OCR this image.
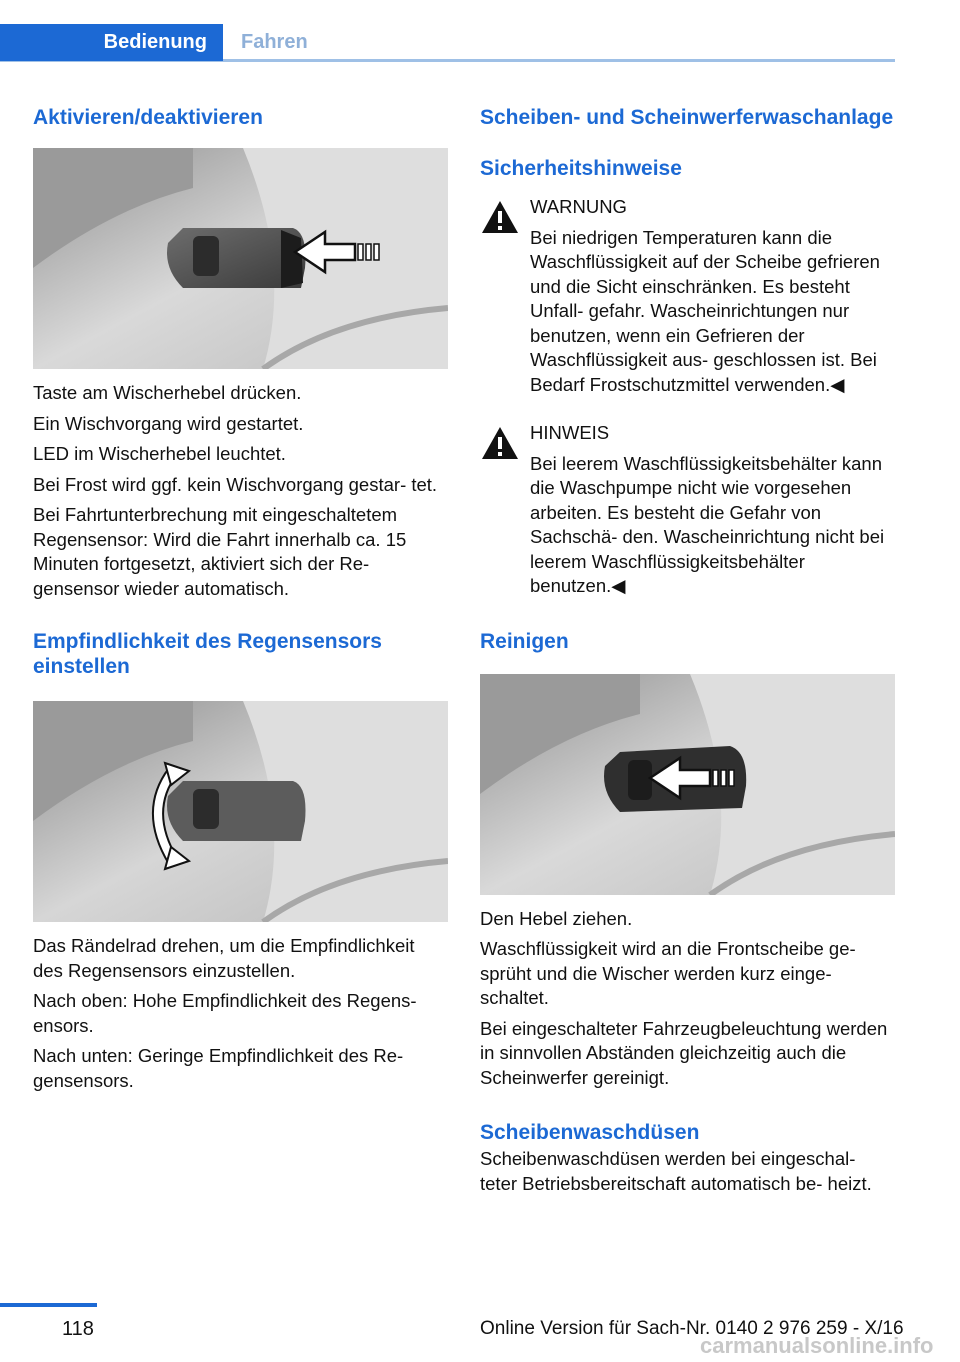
Bedienung Fahren
Aktivieren/deaktivieren

Taste am Wischerhebel drücken.

Ein Wischvorgang wird gestartet.

LED im Wischerhebel leuchtet.

Bei Frost wird ggf. kein Wischvorgang gestar‐ tet.

Bei Fahrtunterbrechung mit eingeschaltetem Regensensor: Wird die Fahrt innerhalb ca. 15 Minuten fortgesetzt, aktiviert sich der Re‐ gensensor wieder automatisch.

Empfindlichkeit des Regensensors einstellen

Das Rändelrad drehen, um die Empfindlichkeit des Regensensors einzustellen.

Nach oben: Hohe Empfindlichkeit des Regens‐ ensors.

Nach unten: Geringe Empfindlichkeit des Re‐ gensensors.

Scheiben- und Scheinwerferwaschanlage
Sicherheitshinweise
WARNUNG

Bei niedrigen Temperaturen kann die Waschflüssigkeit auf der Scheibe gefrieren und die Sicht einschränken. Es besteht Unfall‐ gefahr. Wascheinrichtungen nur benutzen, wenn ein Gefrieren der Waschflüssigkeit aus‐ geschlossen ist. Bei Bedarf Frostschutzmittel verwenden.◀

HINWEIS

Bei leerem Waschflüssigkeitsbehälter kann die Waschpumpe nicht wie vorgesehen arbeiten. Es besteht die Gefahr von Sachschä‐ den. Wascheinrichtung nicht bei leerem Waschflüssigkeitsbehälter benutzen.◀

Reinigen

Den Hebel ziehen.

Waschflüssigkeit wird an die Frontscheibe ge‐ sprüht und die Wischer werden kurz einge‐ schaltet.

Bei eingeschalteter Fahrzeugbeleuchtung werden in sinnvollen Abständen gleichzeitig auch die Scheinwerfer gereinigt.

Scheibenwaschdüsen

Scheibenwaschdüsen werden bei eingeschal‐ teter Betriebsbereitschaft automatisch be‐ heizt.

118	Online Version für Sach-Nr. 0140 2 976 259 - X/16
carmanualsonline.info
